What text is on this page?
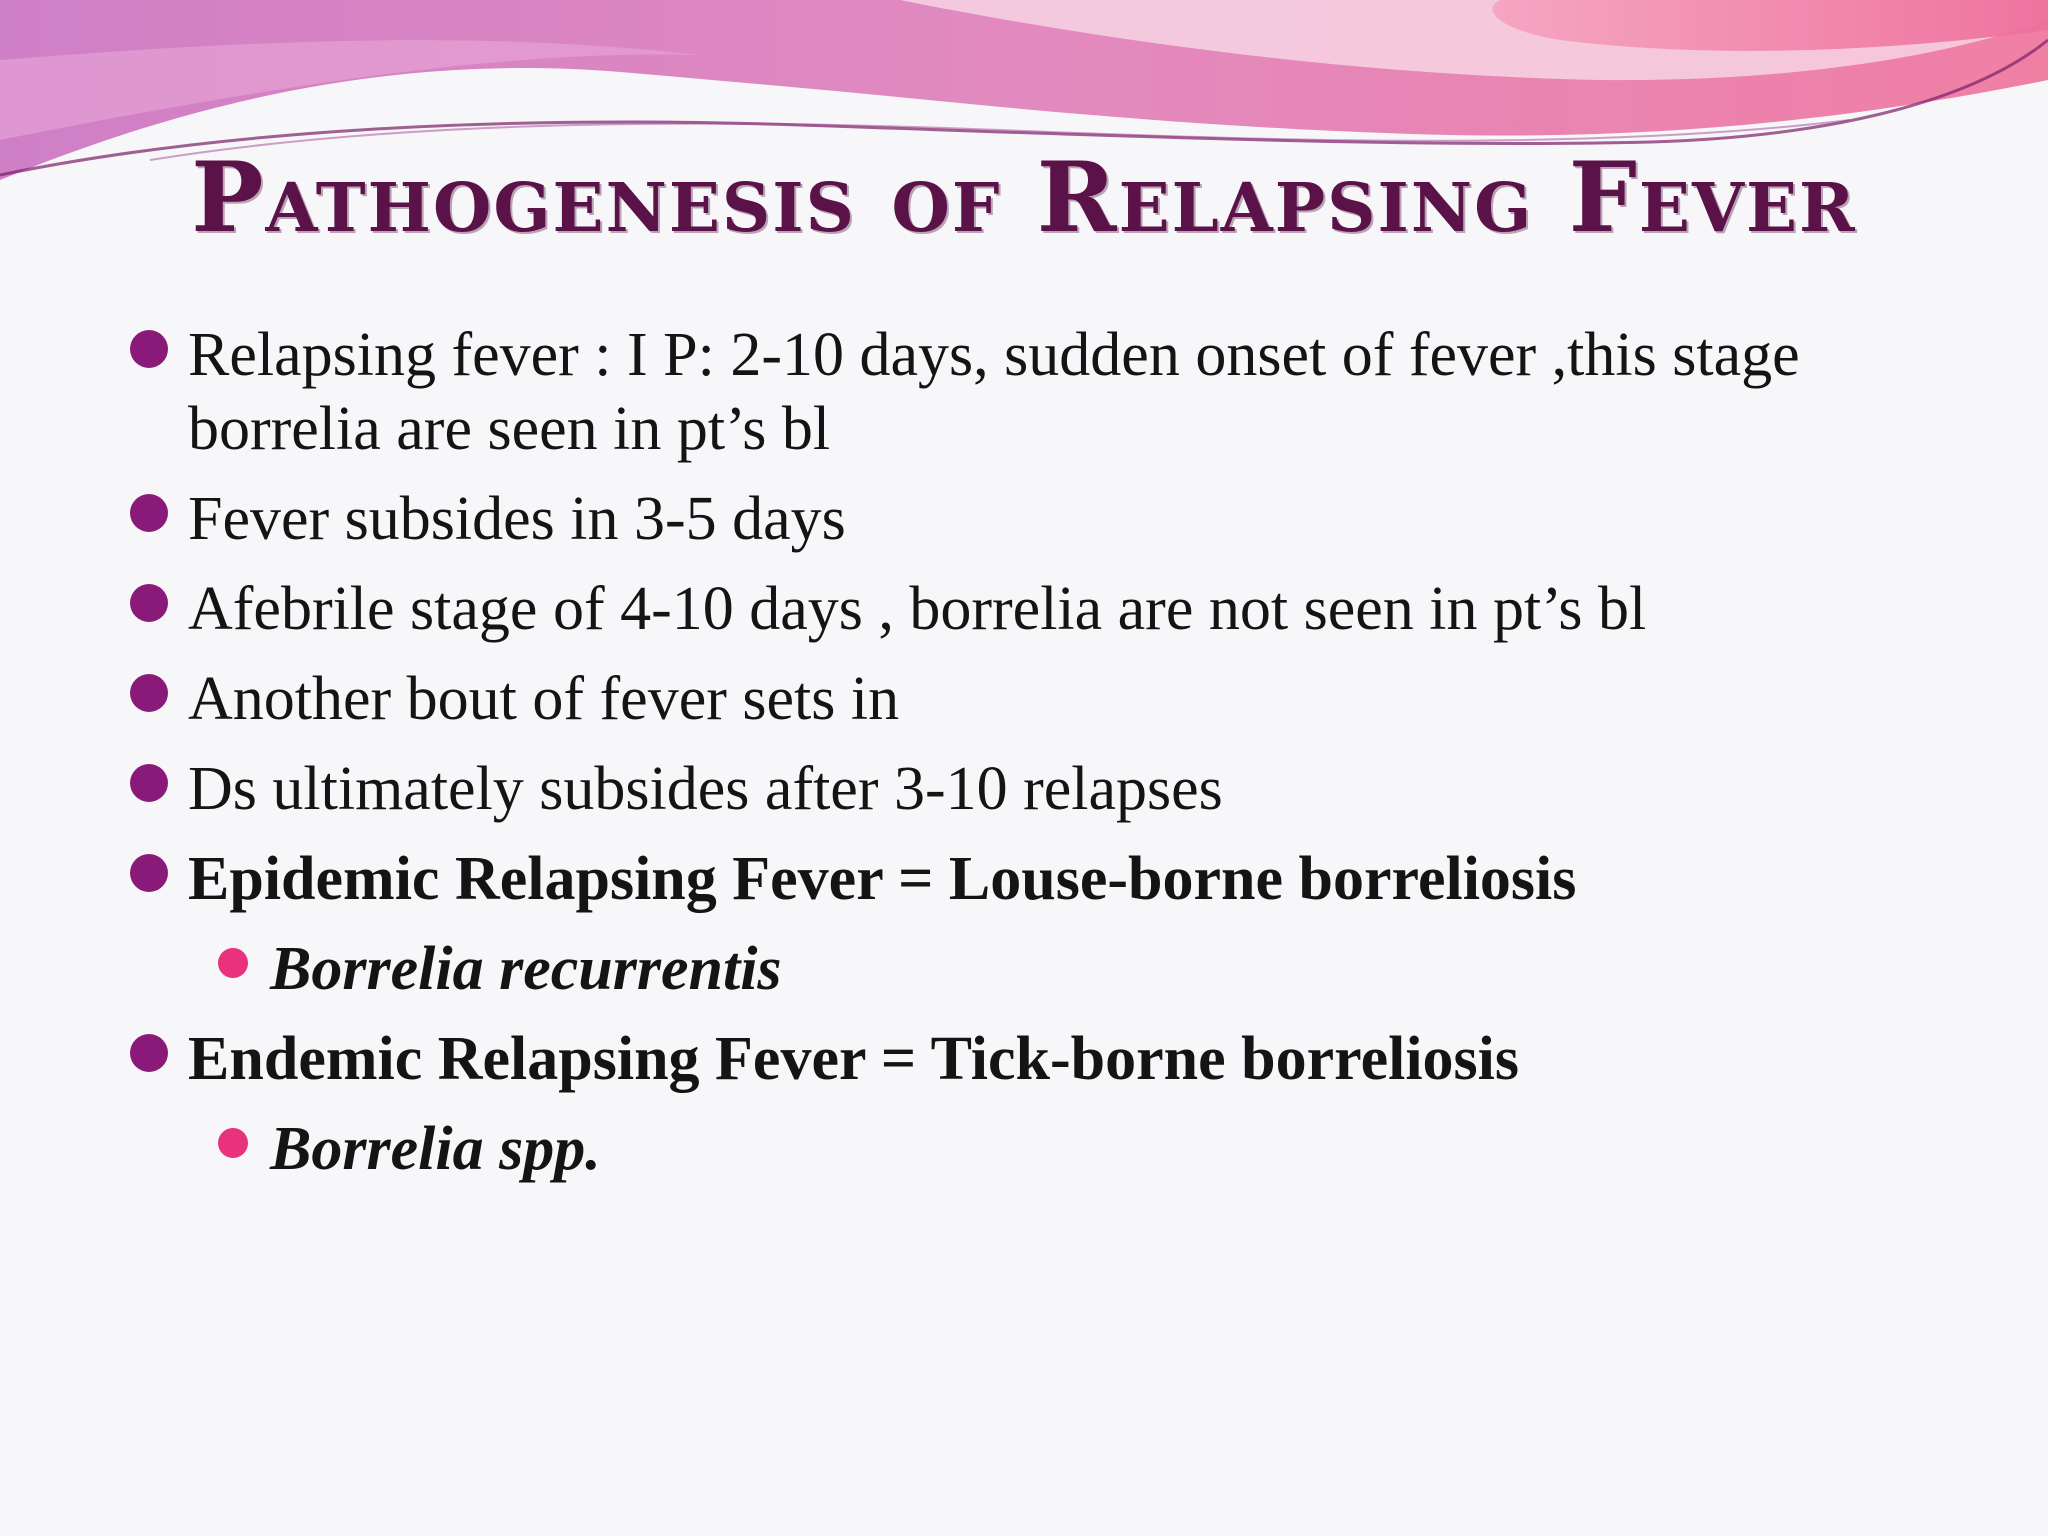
Pathogenesis of Relapsing Fever
Relapsing fever : I P: 2-10 days, sudden onset of fever ,this stage borrelia are seen in pt’s bl
Fever subsides in 3-5 days
Afebrile stage of 4-10 days , borrelia are not seen in pt’s bl
Another bout of fever sets in
Ds ultimately subsides after 3-10 relapses
Epidemic Relapsing Fever = Louse-borne borreliosis
Borrelia recurrentis
Endemic Relapsing Fever = Tick-borne borreliosis
Borrelia spp.
